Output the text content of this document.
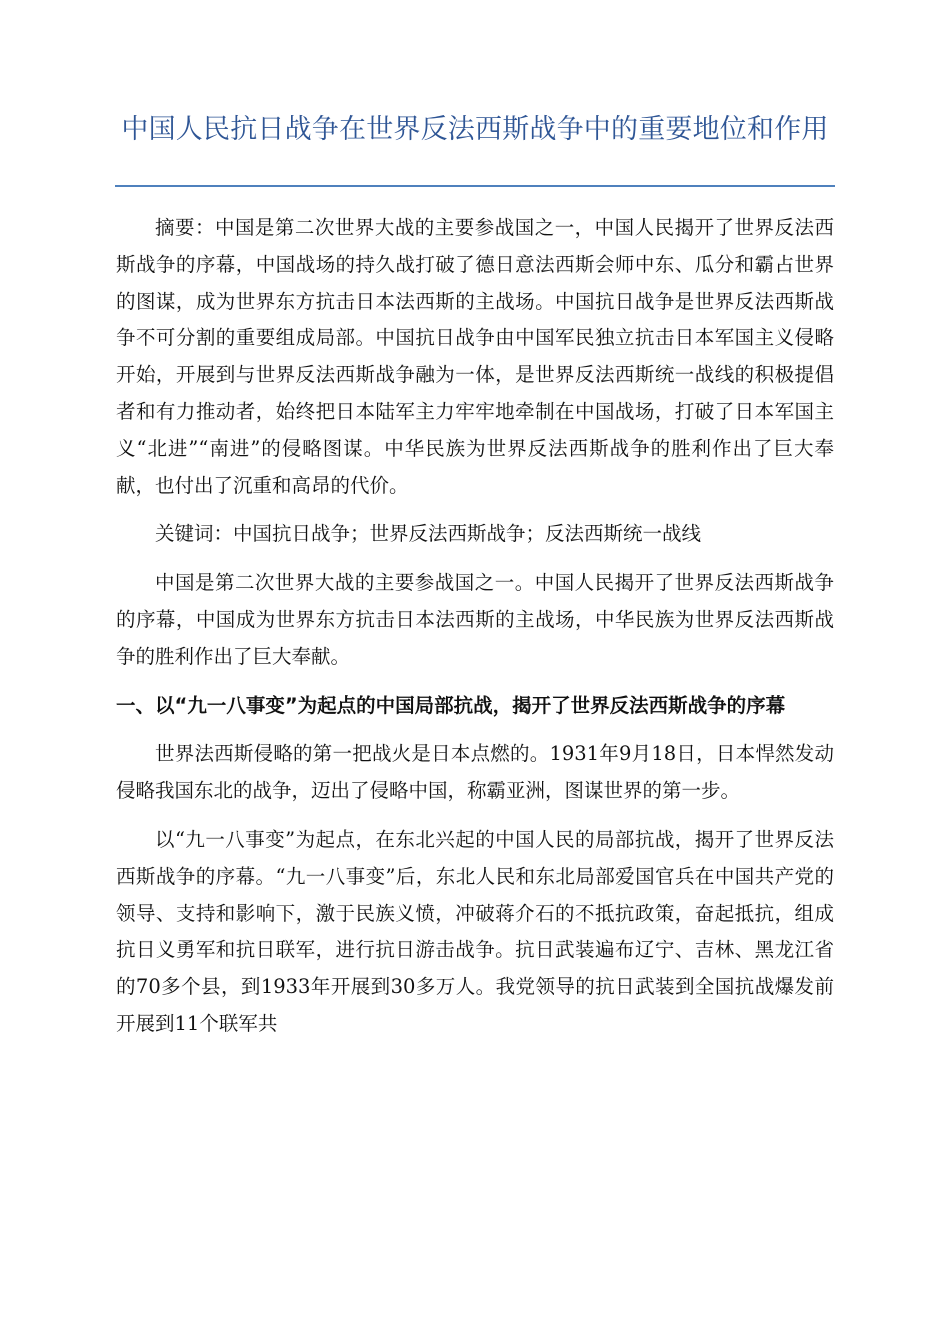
中国人民抗日战争在世界反法西斯战争中的重要地位和作用

摘要：中国是第二次世界大战的主要参战国之一，中国人民揭开了世界反法西斯战争的序幕，中国战场的持久战打破了德日意法西斯会师中东、瓜分和霸占世界的图谋，成为世界东方抗击日本法西斯的主战场。中国抗日战争是世界反法西斯战争不可分割的重要组成局部。中国抗日战争由中国军民独立抗击日本军国主义侵略开始，开展到与世界反法西斯战争融为一体，是世界反法西斯统一战线的积极提倡者和有力推动者，始终把日本陆军主力牢牢地牵制在中国战场，打破了日本军国主义“北进”“南进”的侵略图谋。中华民族为世界反法西斯战争的胜利作出了巨大奉献，也付出了沉重和高昂的代价。

关键词：中国抗日战争；世界反法西斯战争；反法西斯统一战线

中国是第二次世界大战的主要参战国之一。中国人民揭开了世界反法西斯战争的序幕，中国成为世界东方抗击日本法西斯的主战场，中华民族为世界反法西斯战争的胜利作出了巨大奉献。

一、以“九一八事变”为起点的中国局部抗战，揭开了世界反法西斯战争的序幕

世界法西斯侵略的第一把战火是日本点燃的。1931年9月18日，日本悍然发动侵略我国东北的战争，迈出了侵略中国，称霸亚洲，图谋世界的第一步。

以“九一八事变”为起点，在东北兴起的中国人民的局部抗战，揭开了世界反法西斯战争的序幕。“九一八事变”后，东北人民和东北局部爱国官兵在中国共产党的领导、支持和影响下，激于民族义愤，冲破蒋介石的不抵抗政策，奋起抵抗，组成抗日义勇军和抗日联军，进行抗日游击战争。抗日武装遍布辽宁、吉林、黑龙江省的70多个县，到1933年开展到30多万人。我党领导的抗日武装到全国抗战爆发前开展到11个联军共
